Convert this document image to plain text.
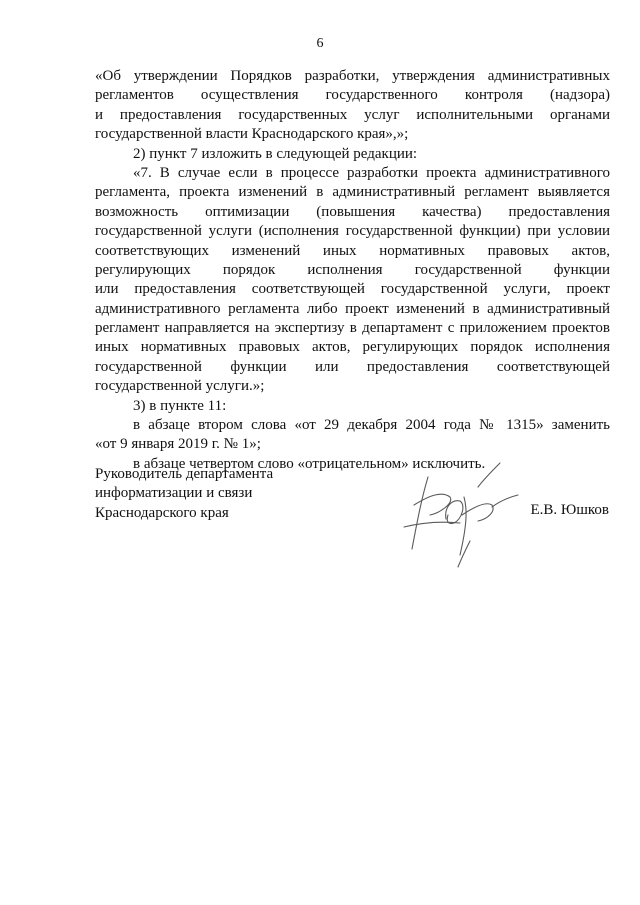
6
«Об утверждении Порядков разработки, утверждения административных
регламентов осуществления государственного контроля (надзора)
и предоставления государственных услуг исполнительными органами
государственной власти Краснодарского края»,»;
2) пункт 7 изложить в следующей редакции:
«7. В случае если в процессе разработки проекта административного
регламента, проекта изменений в административный регламент выявляется
возможность оптимизации (повышения качества) предоставления
государственной услуги (исполнения государственной функции) при условии
соответствующих изменений иных нормативных правовых актов,
регулирующих порядок исполнения государственной функции
или предоставления соответствующей государственной услуги, проект
административного регламента либо проект изменений в административный
регламент направляется на экспертизу в департамент с приложением проектов
иных нормативных правовых актов, регулирующих порядок исполнения
государственной функции или предоставления соответствующей
государственной услуги.»;
3) в пункте 11:
в абзаце втором слова «от 29 декабря 2004 года № 1315» заменить
«от 9 января 2019 г. № 1»;
в абзаце четвертом слово «отрицательном» исключить.
Руководитель департамента
информатизации и связи
Краснодарского края	Е.В. Юшков
